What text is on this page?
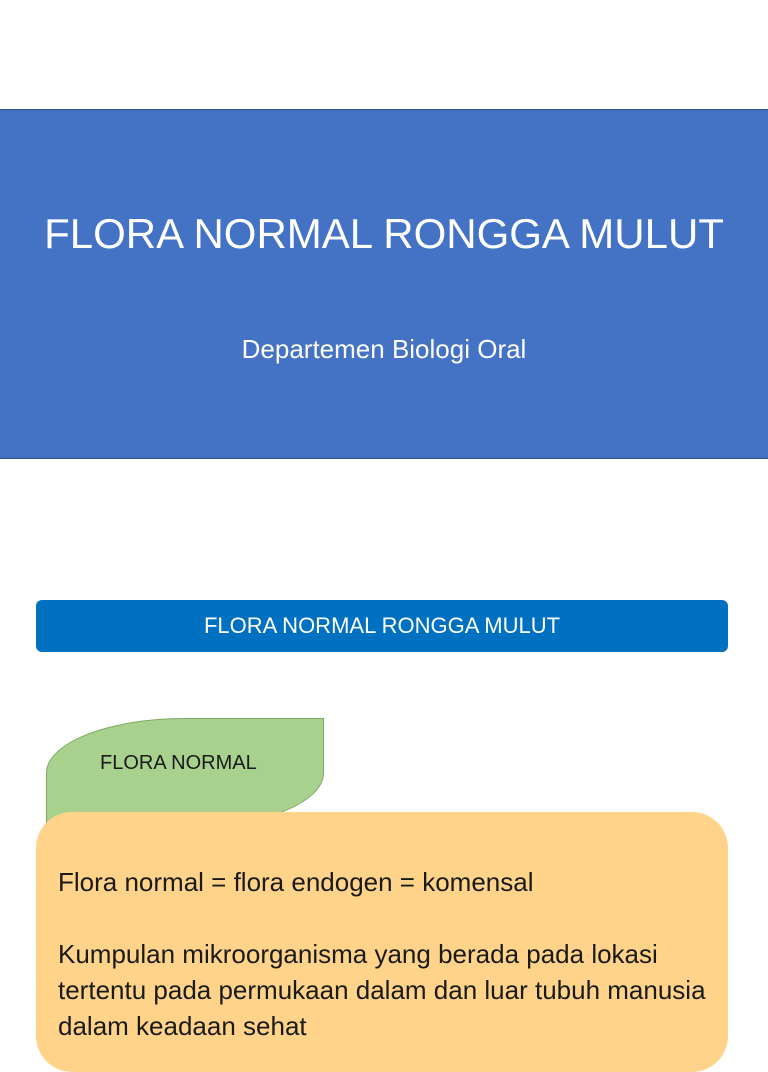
FLORA NORMAL RONGGA MULUT
Departemen Biologi Oral
FLORA NORMAL RONGGA MULUT
FLORA NORMAL

Flora normal = flora endogen = komensal

Kumpulan mikroorganisma yang berada pada lokasi tertentu pada permukaan dalam dan luar tubuh manusia dalam keadaan sehat
